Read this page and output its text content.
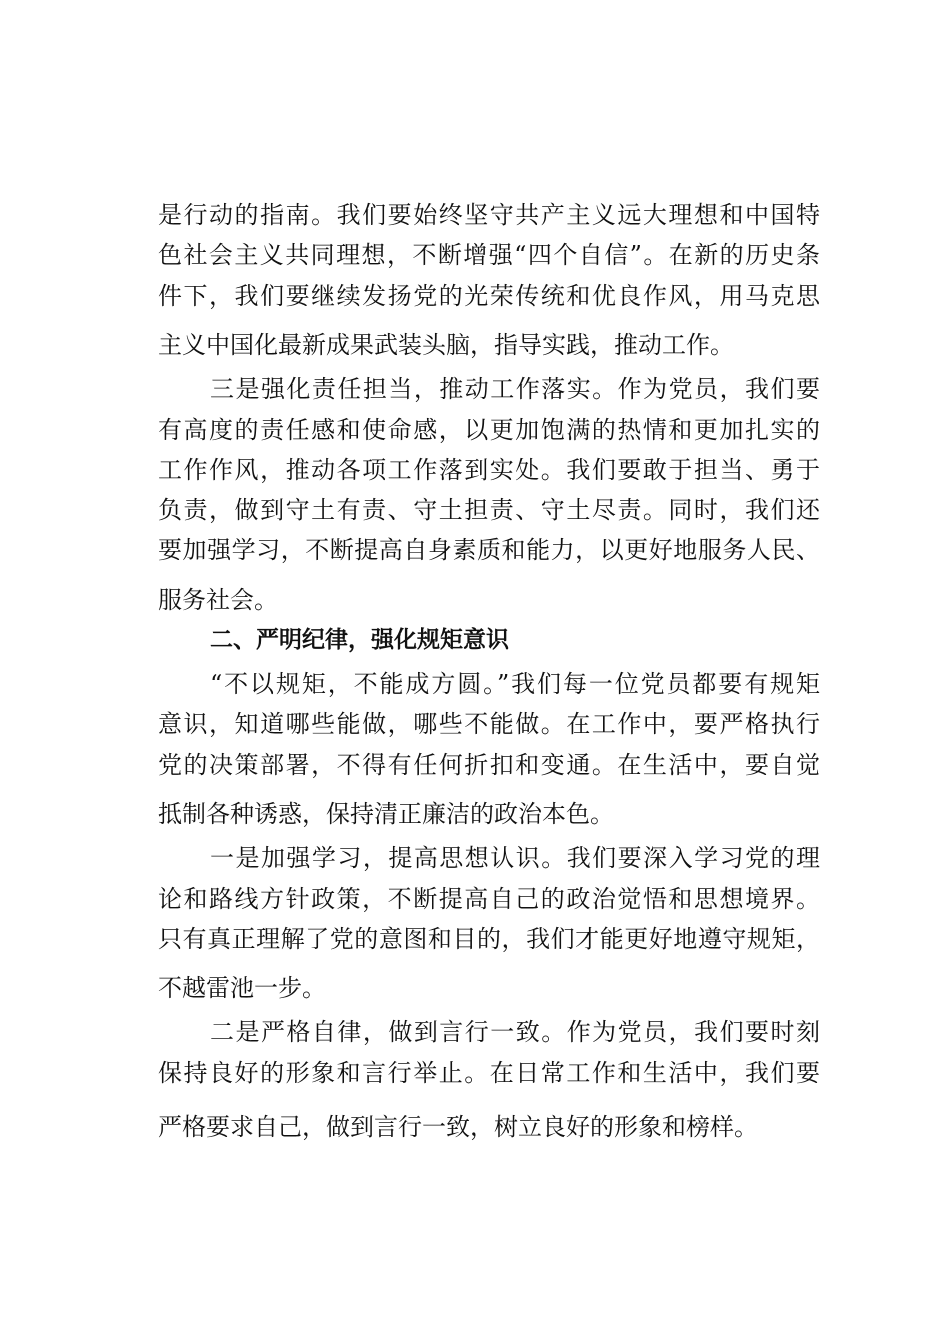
是行动的指南。我们要始终坚守共产主义远大理想和中国特
色社会主义共同理想，不断增强“四个自信”。在新的历史条
件下，我们要继续发扬党的光荣传统和优良作风，用马克思
主义中国化最新成果武装头脑，指导实践，推动工作。
三是强化责任担当，推动工作落实。作为党员，我们要
有高度的责任感和使命感，以更加饱满的热情和更加扎实的
工作作风，推动各项工作落到实处。我们要敢于担当、勇于
负责，做到守土有责、守土担责、守土尽责。同时，我们还
要加强学习，不断提高自身素质和能力，以更好地服务人民、
服务社会。
二、严明纪律，强化规矩意识
“不以规矩，不能成方圆。”我们每一位党员都要有规矩
意识，知道哪些能做，哪些不能做。在工作中，要严格执行
党的决策部署，不得有任何折扣和变通。在生活中，要自觉
抵制各种诱惑，保持清正廉洁的政治本色。
一是加强学习，提高思想认识。我们要深入学习党的理
论和路线方针政策，不断提高自己的政治觉悟和思想境界。
只有真正理解了党的意图和目的，我们才能更好地遵守规矩，
不越雷池一步。
二是严格自律，做到言行一致。作为党员，我们要时刻
保持良好的形象和言行举止。在日常工作和生活中，我们要
严格要求自己，做到言行一致，树立良好的形象和榜样。
